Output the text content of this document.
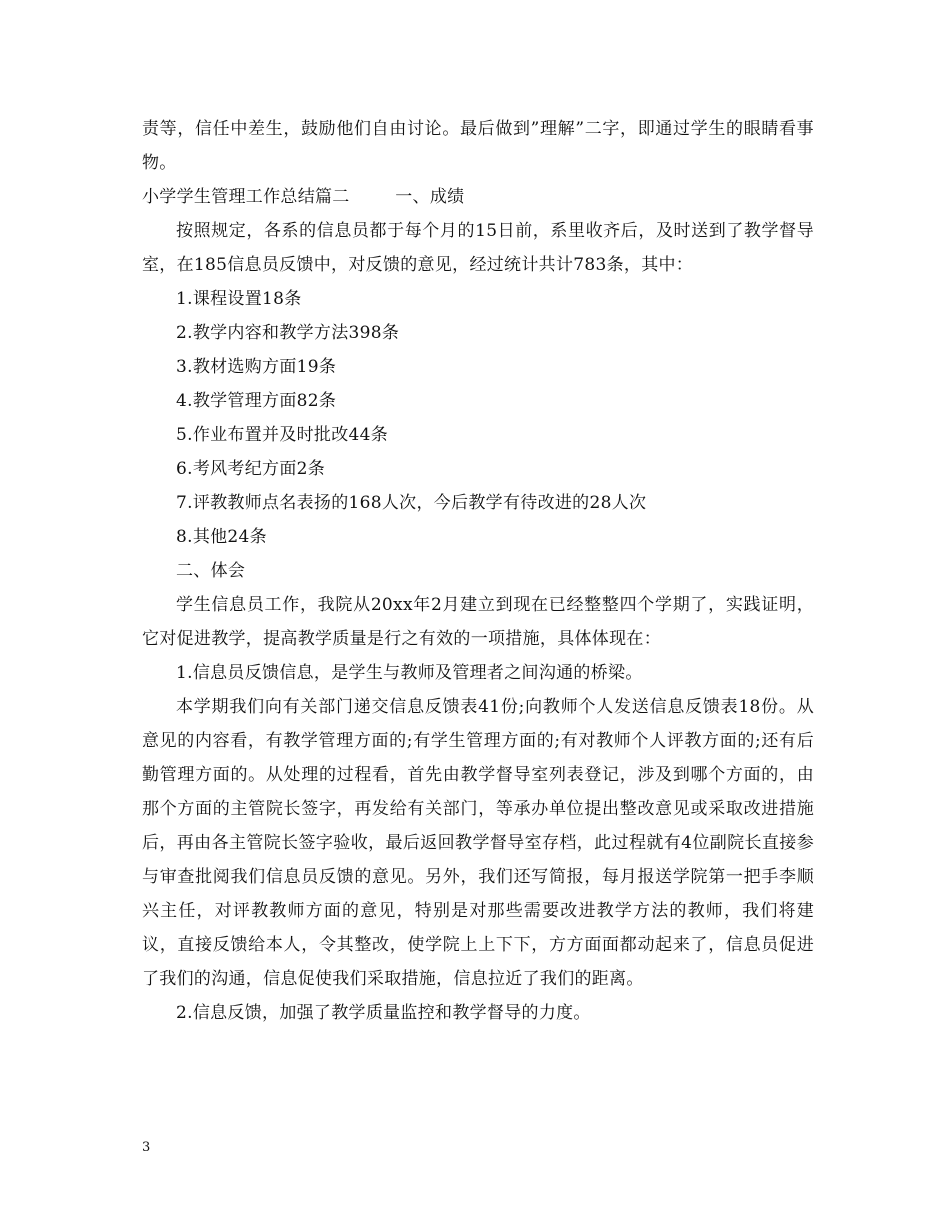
责等，信任中差生，鼓励他们自由讨论。最后做到”理解”二字，即通过学生的眼睛看事物。

小学学生管理工作总结篇二        一、成绩

按照规定，各系的信息员都于每个月的15日前，系里收齐后，及时送到了教学督导室，在185信息员反馈中，对反馈的意见，经过统计共计783条，其中：

1.课程设置18条

2.教学内容和教学方法398条

3.教材选购方面19条

4.教学管理方面82条

5.作业布置并及时批改44条

6.考风考纪方面2条

7.评教教师点名表扬的168人次，今后教学有待改进的28人次

8.其他24条

二、体会

学生信息员工作，我院从20xx年2月建立到现在已经整整四个学期了，实践证明，它对促进教学，提高教学质量是行之有效的一项措施，具体体现在：

1.信息员反馈信息，是学生与教师及管理者之间沟通的桥梁。

本学期我们向有关部门递交信息反馈表41份;向教师个人发送信息反馈表18份。从意见的内容看，有教学管理方面的;有学生管理方面的;有对教师个人评教方面的;还有后勤管理方面的。从处理的过程看，首先由教学督导室列表登记，涉及到哪个方面的，由那个方面的主管院长签字，再发给有关部门，等承办单位提出整改意见或采取改进措施后，再由各主管院长签字验收，最后返回教学督导室存档，此过程就有4位副院长直接参与审查批阅我们信息员反馈的意见。另外，我们还写简报，每月报送学院第一把手李顺兴主任，对评教教师方面的意见，特别是对那些需要改进教学方法的教师，我们将建议，直接反馈给本人，令其整改，使学院上上下下，方方面面都动起来了，信息员促进了我们的沟通，信息促使我们采取措施，信息拉近了我们的距离。

2.信息反馈，加强了教学质量监控和教学督导的力度。

3
